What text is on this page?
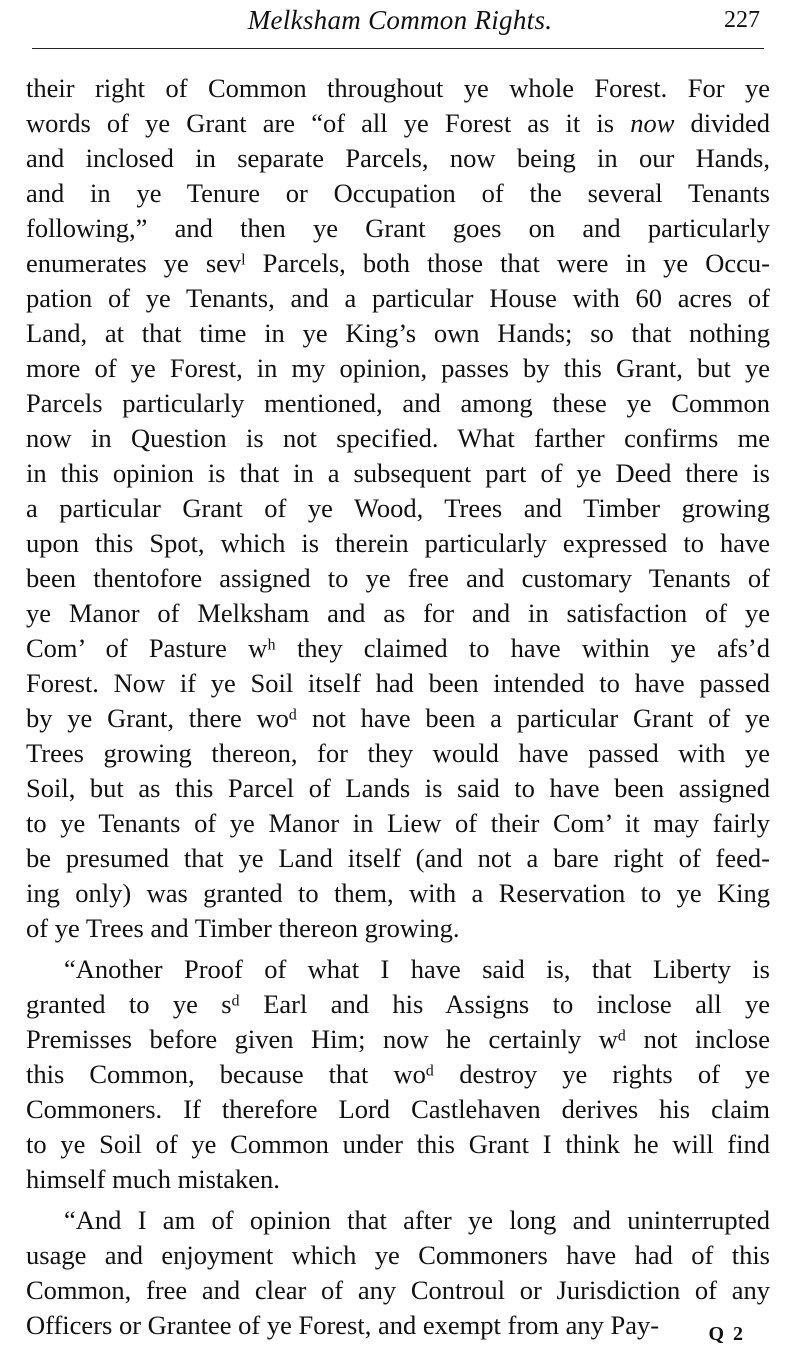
Melksham Common Rights.	227
their right of Common throughout ye whole Forest. For ye
words of ye Grant are “of all ye Forest as it is now divided
and inclosed in separate Parcels, now being in our Hands,
and in ye Tenure or Occupation of the several Tenants
following,” and then ye Grant goes on and particularly
enumerates ye sevˡ Parcels, both those that were in ye Occu-
pation of ye Tenants, and a particular House with 60 acres of
Land, at that time in ye King’s own Hands; so that nothing
more of ye Forest, in my opinion, passes by this Grant, but ye
Parcels particularly mentioned, and among these ye Common
now in Question is not specified. What farther confirms me
in this opinion is that in a subsequent part of ye Deed there is
a particular Grant of ye Wood, Trees and Timber growing
upon this Spot, which is therein particularly expressed to have
been thentofore assigned to ye free and customary Tenants of
ye Manor of Melksham and as for and in satisfaction of ye
Com’ of Pasture wʰ they claimed to have within ye afs’d
Forest. Now if ye Soil itself had been intended to have passed
by ye Grant, there woᵈ not have been a particular Grant of ye
Trees growing thereon, for they would have passed with ye
Soil, but as this Parcel of Lands is said to have been assigned
to ye Tenants of ye Manor in Liew of their Com’ it may fairly
be presumed that ye Land itself (and not a bare right of feed-
ing only) was granted to them, with a Reservation to ye King
of ye Trees and Timber thereon growing.
“Another Proof of what I have said is, that Liberty is
granted to ye sᵈ Earl and his Assigns to inclose all ye
Premisses before given Him; now he certainly wᵈ not inclose
this Common, because that woᵈ destroy ye rights of ye
Commoners. If therefore Lord Castlehaven derives his claim
to ye Soil of ye Common under this Grant I think he will find
himself much mistaken.
“And I am of opinion that after ye long and uninterrupted
usage and enjoyment which ye Commoners have had of this
Common, free and clear of any Controul or Jurisdiction of any
Officers or Grantee of ye Forest, and exempt from any Pay-	Q 2
